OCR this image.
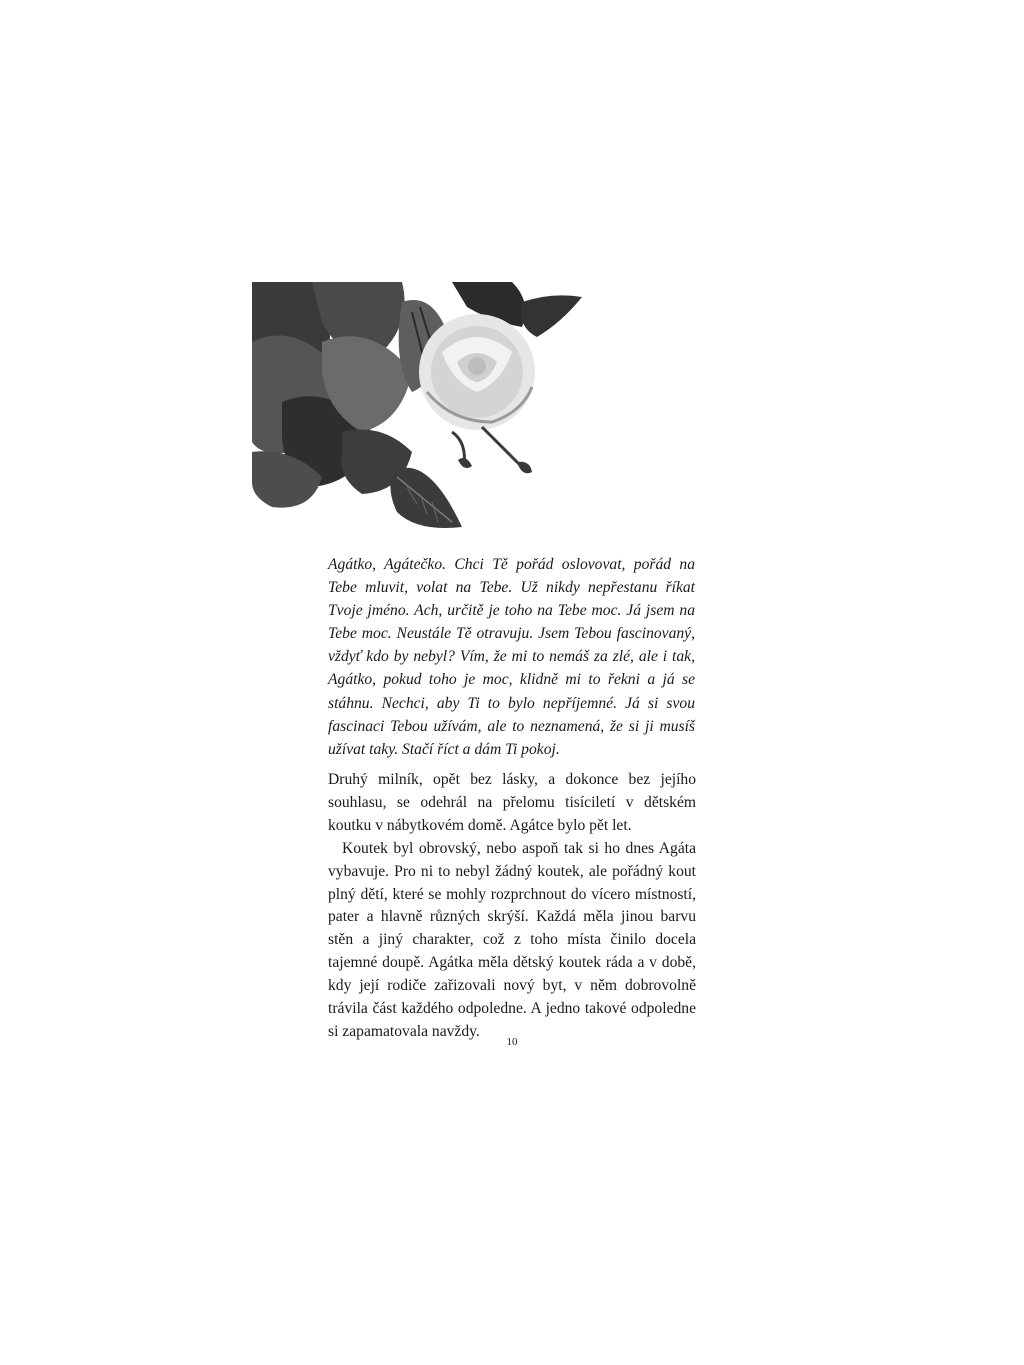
Agátko, Agátečko. Chci Tě pořád oslovovat, pořád na Tebe mluvit, volat na Tebe. Už nikdy nepřestanu říkat Tvoje jméno. Ach, určitě je toho na Tebe moc. Já jsem na Tebe moc. Neustále Tě otravuju. Jsem Tebou fascinovaný, vždyť kdo by nebyl? Vím, že mi to nemáš za zlé, ale i tak, Agátko, pokud toho je moc, klidně mi to řekni a já se stáhnu. Nechci, aby Ti to bylo nepříjemné. Já si svou fascinaci Tebou užívám, ale to neznamená, že si ji musíš užívat taky. Stačí říct a dám Ti pokoj.

Druhý milník, opět bez lásky, a dokonce bez jejího souhlasu, se odehrál na přelomu tisíciletí v dětském koutku v nábytkovém domě. Agátce bylo pět let.

Koutek byl obrovský, nebo aspoň tak si ho dnes Agáta vybavuje. Pro ni to nebyl žádný koutek, ale pořádný kout plný dětí, které se mohly rozprchnout do vícero místností, pater a hlavně různých skrýší. Každá měla jinou barvu stěn a jiný charakter, což z toho místa činilo docela tajemné doupě. Agátka měla dětský koutek ráda a v době, kdy její rodiče zařizovali nový byt, v něm dobrovolně trávila část každého odpoledne. A jedno takové odpoledne si zapamatovala navždy.

10
